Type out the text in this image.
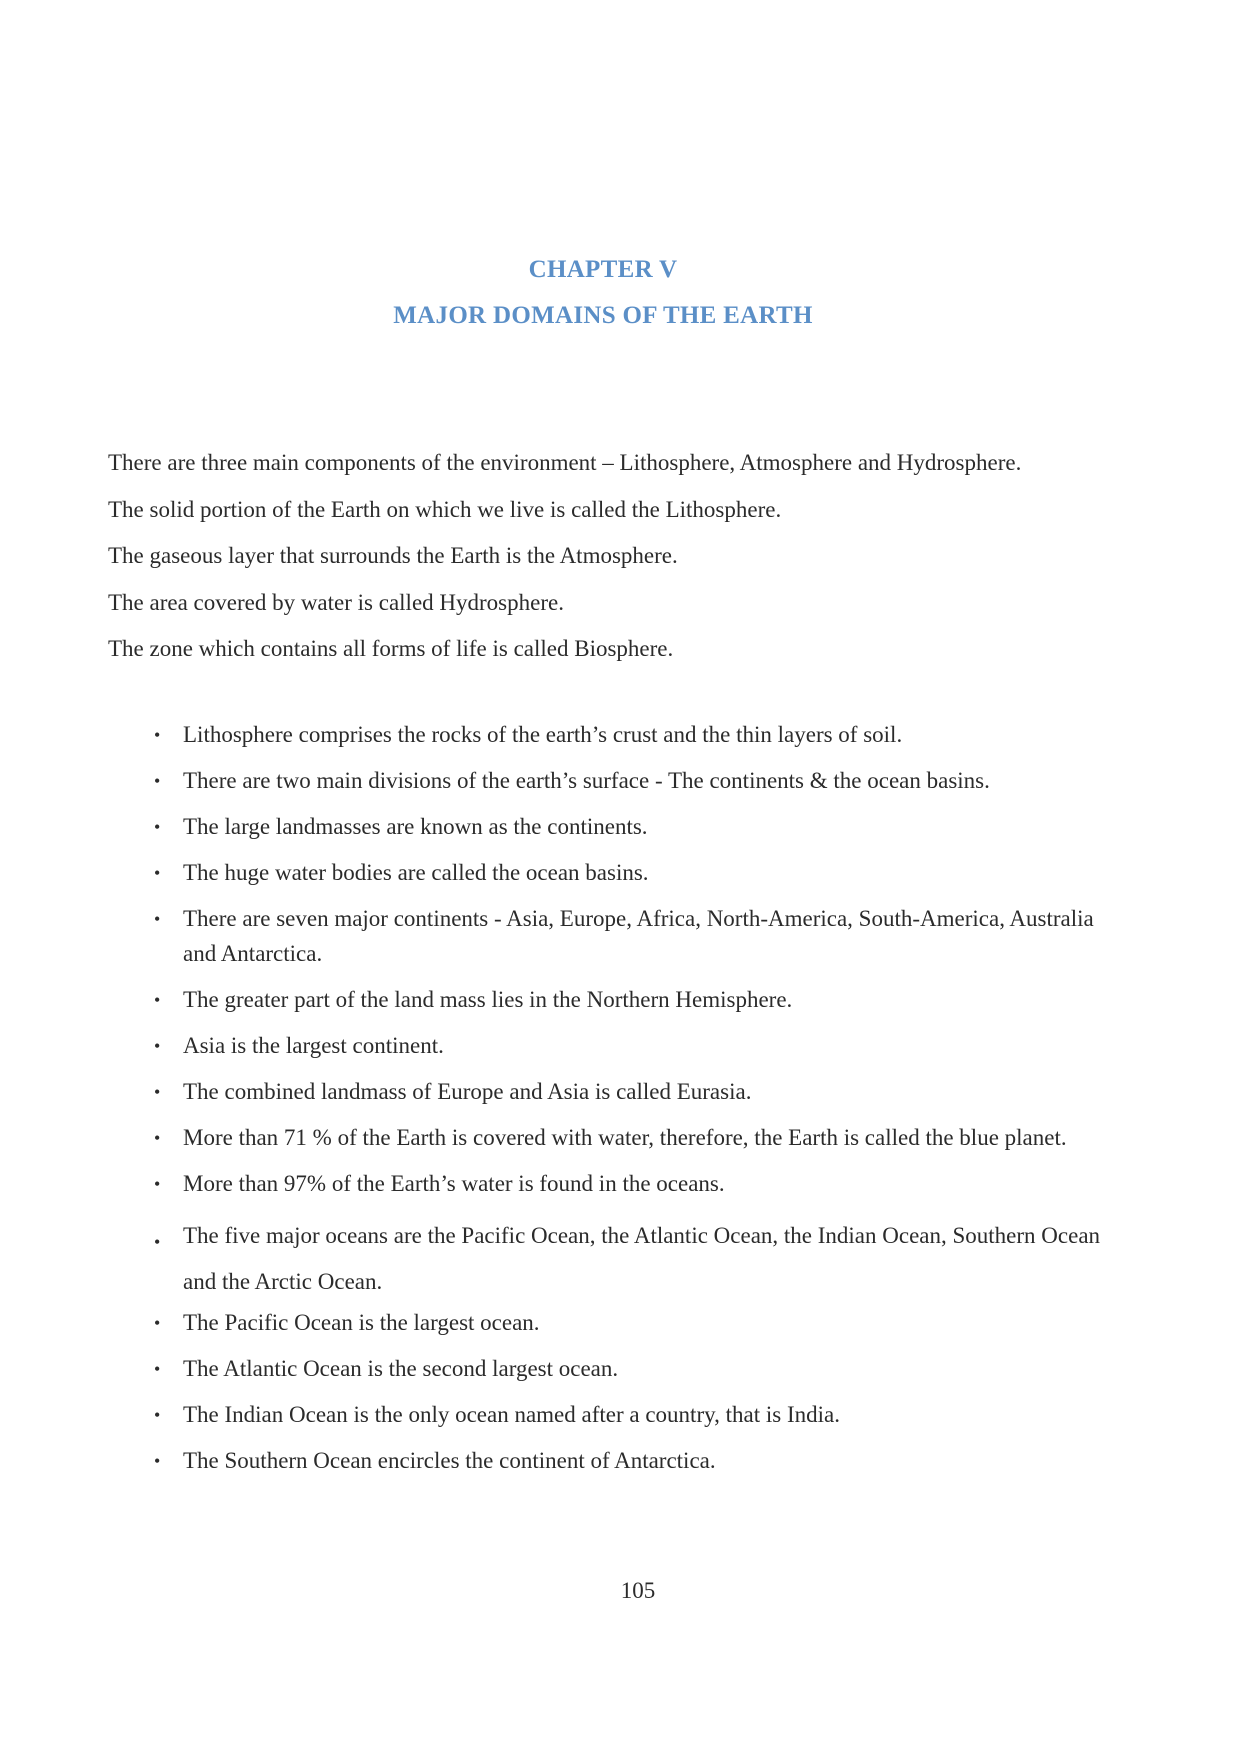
CHAPTER V
MAJOR DOMAINS OF THE EARTH

There are three main components of the environment – Lithosphere, Atmosphere and Hydrosphere.

The solid portion of the Earth on which we live is called the Lithosphere.

The gaseous layer that surrounds the Earth is the Atmosphere.

The area covered by water is called Hydrosphere.

The zone which contains all forms of life is called Biosphere.

• Lithosphere comprises the rocks of the earth’s crust and the thin layers of soil.
• There are two main divisions of the earth’s surface - The continents & the ocean basins.
• The large landmasses are known as the continents.
• The huge water bodies are called the ocean basins.
• There are seven major continents - Asia, Europe, Africa, North-America, South-America, Australia and Antarctica.
• The greater part of the land mass lies in the Northern Hemisphere.
• Asia is the largest continent.
• The combined landmass of Europe and Asia is called Eurasia.
• More than 71 % of the Earth is covered with water, therefore, the Earth is called the blue planet.
• More than 97% of the Earth’s water is found in the oceans.
• The five major oceans are the Pacific Ocean, the Atlantic Ocean, the Indian Ocean, Southern Ocean and the Arctic Ocean.
• The Pacific Ocean is the largest ocean.
• The Atlantic Ocean is the second largest ocean.
• The Indian Ocean is the only ocean named after a country, that is India.
• The Southern Ocean encircles the continent of Antarctica.
105
